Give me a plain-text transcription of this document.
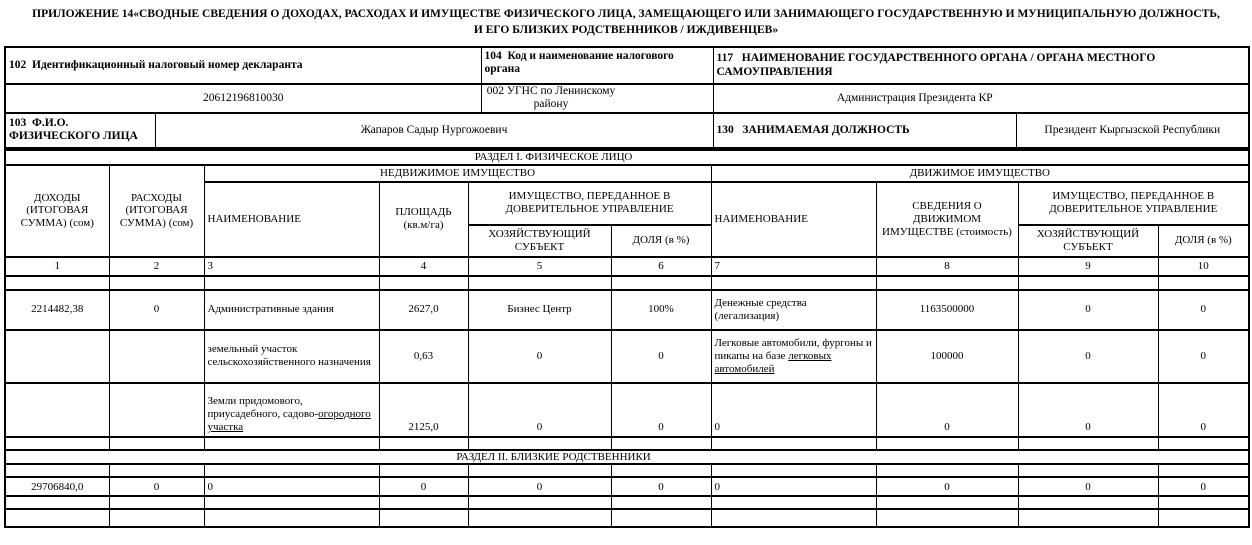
ПРИЛОЖЕНИЕ 14«СВОДНЫЕ СВЕДЕНИЯ О ДОХОДАХ, РАСХОДАХ И ИМУЩЕСТВЕ ФИЗИЧЕСКОГО ЛИЦА, ЗАМЕЩАЮЩЕГО ИЛИ ЗАНИМАЮЩЕГО ГОСУДАРСТВЕННУЮ И МУНИЦИПАЛЬНУЮ ДОЛЖНОСТЬ,
И ЕГО БЛИЗКИХ РОДСТВЕННИКОВ / ИЖДИВЕНЦЕВ»
102  Идентификационный налоговый номер декларанта		104  Код и наименование налогового органа	117   НАИМЕНОВАНИЕ ГОСУДАРСТВЕННОГО ОРГАНА / ОРГАНА МЕСТНОГО САМОУПРАВЛЕНИЯ	
20612196810030		002 УГНС по Ленинскому району	Администрация Президента КР	
103  Ф.И.О. ФИЗИЧЕСКОГО ЛИЦА	Жапаров Садыр Нургожоевич		130   ЗАНИМАЕМАЯ ДОЛЖНОСТЬ	Президент Кыргызской Республики
РАЗДЕЛ I. ФИЗИЧЕСКОЕ ЛИЦО									
ДОХОДЫ (ИТОГОВАЯ СУММА) (сом)	РАСХОДЫ (ИТОГОВАЯ СУММА) (сом)	НЕДВИЖИМОЕ ИМУЩЕСТВО				ДВИЖИМОЕ ИМУЩЕСТВО			
		НАИМЕНОВАНИЕ	ПЛОЩАДЬ (кв.м/га)	ИМУЩЕСТВО, ПЕРЕДАННОЕ В ДОВЕРИТЕЛЬНОЕ УПРАВЛЕНИЕ		НАИМЕНОВАНИЕ	СВЕДЕНИЯ О ДВИЖИМОМ ИМУЩЕСТВЕ (стоимость)	ИМУЩЕСТВО, ПЕРЕДАННОЕ В ДОВЕРИТЕЛЬНОЕ УПРАВЛЕНИЕ	
				ХОЗЯЙСТВУЮЩИЙ СУБЪЕКТ	ДОЛЯ (в %)			ХОЗЯЙСТВУЮЩИЙ СУБЪЕКТ	ДОЛЯ (в %)
1	2	3	4	5	6	7	8	9	10

2214482,38	0	Административные здания	2627,0	Бизнес Центр	100%	Денежные средства (легализация)	1163500000	0	0
		земельный участок сельскохозяйственного назначения	0,63	0	0	Легковые автомобили, фургоны и пикапы на базе легковых автомобилей	100000	0	0
		Земли придомового, приусадебного, садово-огородного участка	2125,0	0	0	0	0	0	0

РАЗДЕЛ II. БЛИЗКИЕ РОДСТВЕННИКИ									

29706840,0	0	0	0	0	0	0	0	0	0
